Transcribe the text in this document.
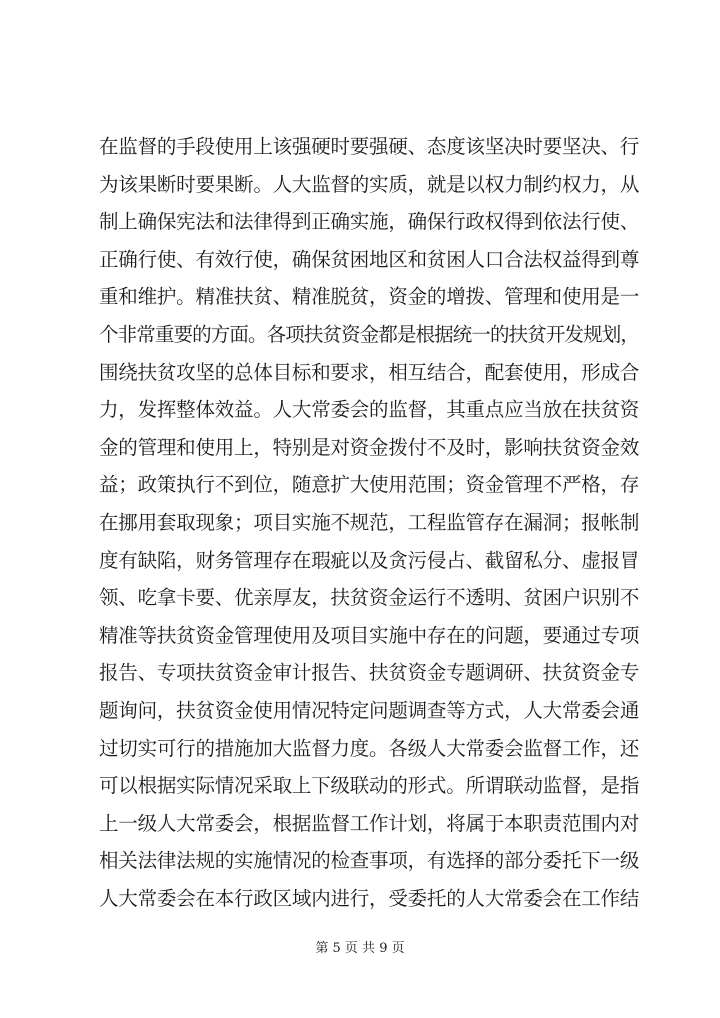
在监督的手段使用上该强硬时要强硬、态度该坚决时要坚决、行
为该果断时要果断。人大监督的实质，就是以权力制约权力，从
制上确保宪法和法律得到正确实施，确保行政权得到依法行使、
正确行使、有效行使，确保贫困地区和贫困人口合法权益得到尊
重和维护。精准扶贫、精准脱贫，资金的增拨、管理和使用是一
个非常重要的方面。各项扶贫资金都是根据统一的扶贫开发规划，
围绕扶贫攻坚的总体目标和要求，相互结合，配套使用，形成合
力，发挥整体效益。人大常委会的监督，其重点应当放在扶贫资
金的管理和使用上，特别是对资金拨付不及时，影响扶贫资金效
益；政策执行不到位，随意扩大使用范围；资金管理不严格，存
在挪用套取现象；项目实施不规范，工程监管存在漏洞；报帐制
度有缺陷，财务管理存在瑕疵以及贪污侵占、截留私分、虚报冒
领、吃拿卡要、优亲厚友，扶贫资金运行不透明、贫困户识别不
精准等扶贫资金管理使用及项目实施中存在的问题，要通过专项
报告、专项扶贫资金审计报告、扶贫资金专题调研、扶贫资金专
题询问，扶贫资金使用情况特定问题调查等方式，人大常委会通
过切实可行的措施加大监督力度。各级人大常委会监督工作，还
可以根据实际情况采取上下级联动的形式。所谓联动监督，是指
上一级人大常委会，根据监督工作计划，将属于本职责范围内对
相关法律法规的实施情况的检查事项，有选择的部分委托下一级
人大常委会在本行政区域内进行，受委托的人大常委会在工作结
第 5 页 共 9 页
